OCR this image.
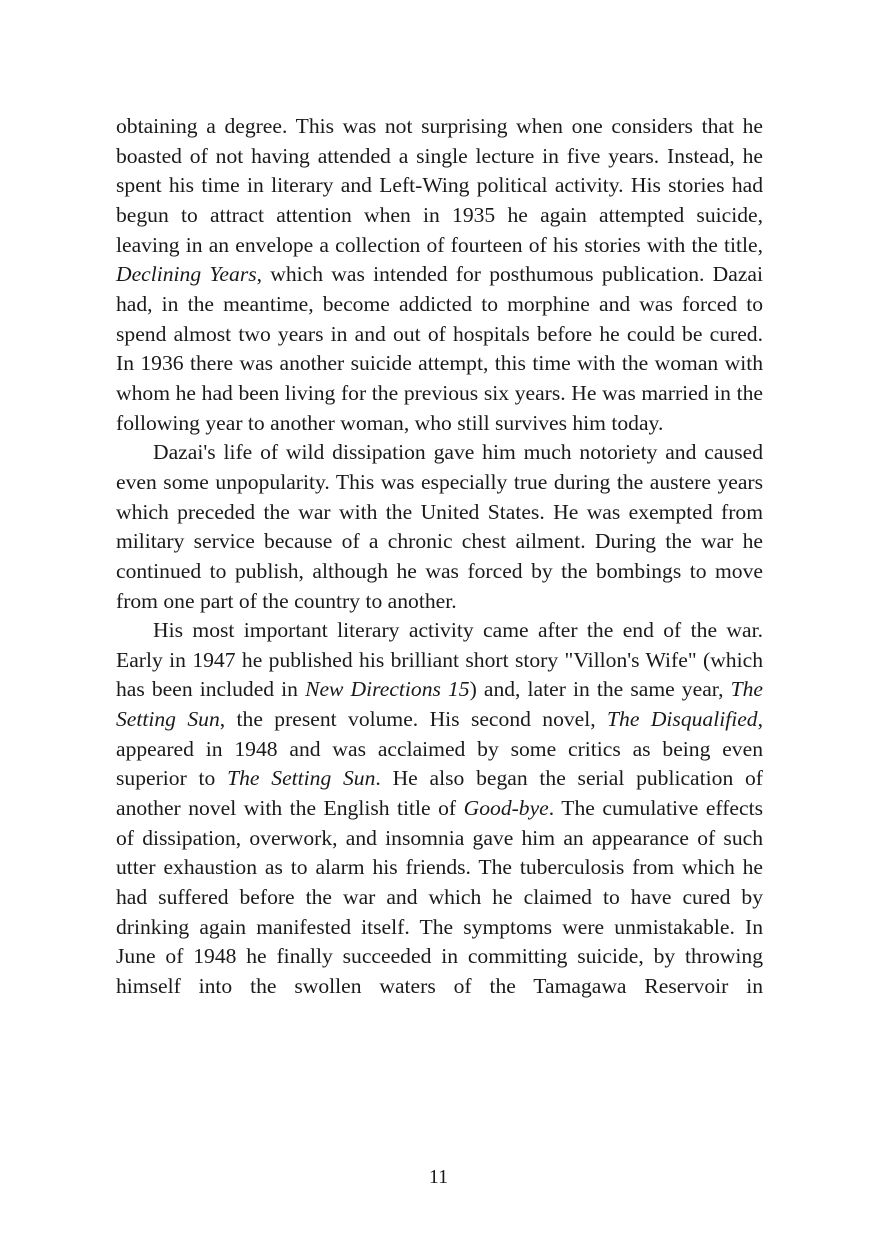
obtaining a degree. This was not surprising when one considers that he boasted of not having attended a single lecture in five years. Instead, he spent his time in literary and Left-Wing political activity. His stories had begun to attract attention when in 1935 he again attempted suicide, leaving in an envelope a collection of fourteen of his stories with the title, Declining Years, which was intended for posthumous publication. Dazai had, in the meantime, become addicted to morphine and was forced to spend almost two years in and out of hospitals before he could be cured. In 1936 there was another suicide attempt, this time with the woman with whom he had been living for the previous six years. He was married in the following year to another woman, who still survives him today.

Dazai's life of wild dissipation gave him much notoriety and caused even some unpopularity. This was especially true during the austere years which preceded the war with the United States. He was exempted from military service because of a chronic chest ailment. During the war he continued to publish, although he was forced by the bombings to move from one part of the country to another.

His most important literary activity came after the end of the war. Early in 1947 he published his brilliant short story "Villon's Wife" (which has been included in New Directions 15) and, later in the same year, The Setting Sun, the present volume. His second novel, The Disqualified, appeared in 1948 and was acclaimed by some critics as being even superior to The Setting Sun. He also began the serial publication of another novel with the English title of Good-bye. The cumulative effects of dissipation, overwork, and insomnia gave him an appearance of such utter exhaustion as to alarm his friends. The tuberculosis from which he had suffered before the war and which he claimed to have cured by drinking again manifested itself. The symptoms were unmistakable. In June of 1948 he finally succeeded in committing suicide, by throwing himself into the swollen waters of the Tamagawa Reservoir in

11
